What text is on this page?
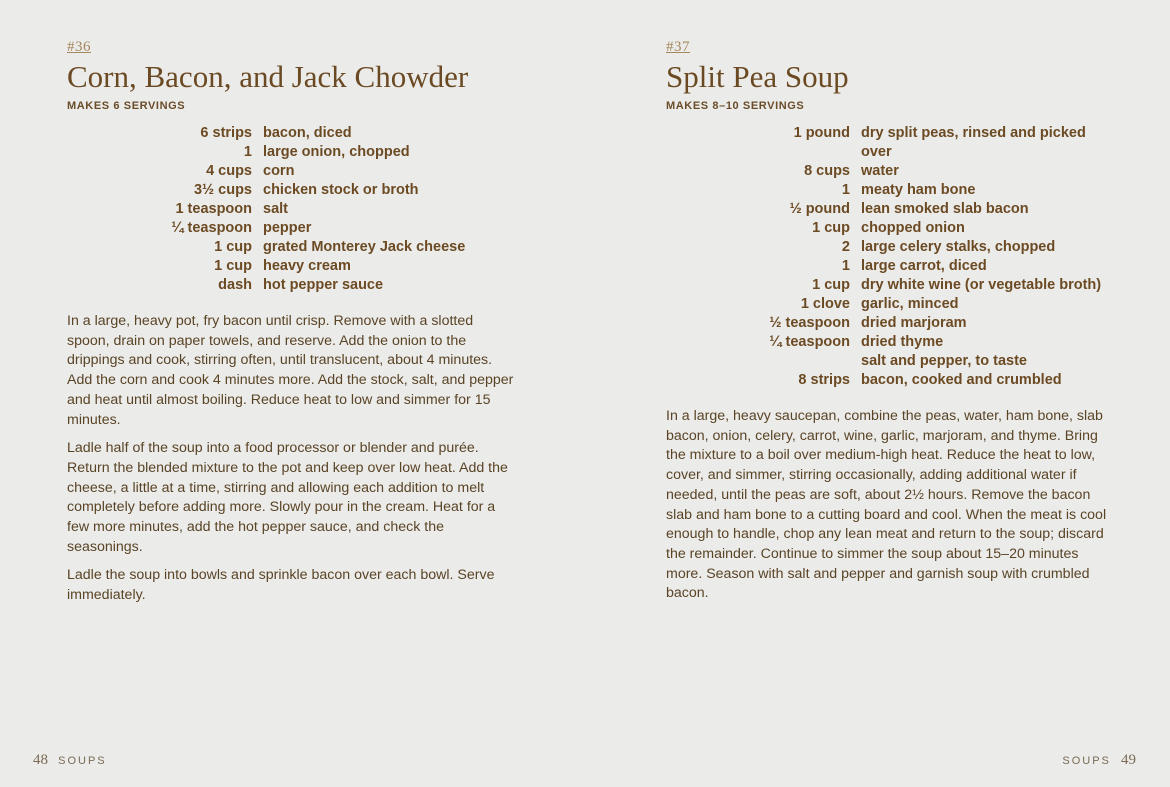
#36
Corn, Bacon, and Jack Chowder
MAKES 6 SERVINGS
6 strips	bacon, diced
1	large onion, chopped
4 cups	corn
3½ cups	chicken stock or broth
1 teaspoon	salt
¼ teaspoon	pepper
1 cup	grated Monterey Jack cheese
1 cup	heavy cream
dash	hot pepper sauce

In a large, heavy pot, fry bacon until crisp. Remove with a slotted spoon, drain on paper towels, and reserve. Add the onion to the drippings and cook, stirring often, until translucent, about 4 minutes. Add the corn and cook 4 minutes more. Add the stock, salt, and pepper and heat until almost boiling. Reduce heat to low and simmer for 15 minutes.

Ladle half of the soup into a food processor or blender and purée. Return the blended mixture to the pot and keep over low heat. Add the cheese, a little at a time, stirring and allowing each addition to melt completely before adding more. Slowly pour in the cream. Heat for a few more minutes, add the hot pepper sauce, and check the seasonings.

Ladle the soup into bowls and sprinkle bacon over each bowl. Serve immediately.

48 SOUPS
#37
Split Pea Soup
MAKES 8–10 SERVINGS
1 pound	dry split peas, rinsed and picked over
8 cups	water
1	meaty ham bone
½ pound	lean smoked slab bacon
1 cup	chopped onion
2	large celery stalks, chopped
1	large carrot, diced
1 cup	dry white wine (or vegetable broth)
1 clove	garlic, minced
½ teaspoon	dried marjoram
¼ teaspoon	dried thyme
	salt and pepper, to taste
8 strips	bacon, cooked and crumbled

In a large, heavy saucepan, combine the peas, water, ham bone, slab bacon, onion, celery, carrot, wine, garlic, marjoram, and thyme. Bring the mixture to a boil over medium-high heat. Reduce the heat to low, cover, and simmer, stirring occasionally, adding additional water if needed, until the peas are soft, about 2½ hours. Remove the bacon slab and ham bone to a cutting board and cool. When the meat is cool enough to handle, chop any lean meat and return to the soup; discard the remainder. Continue to simmer the soup about 15–20 minutes more. Season with salt and pepper and garnish soup with crumbled bacon.

SOUPS 49
